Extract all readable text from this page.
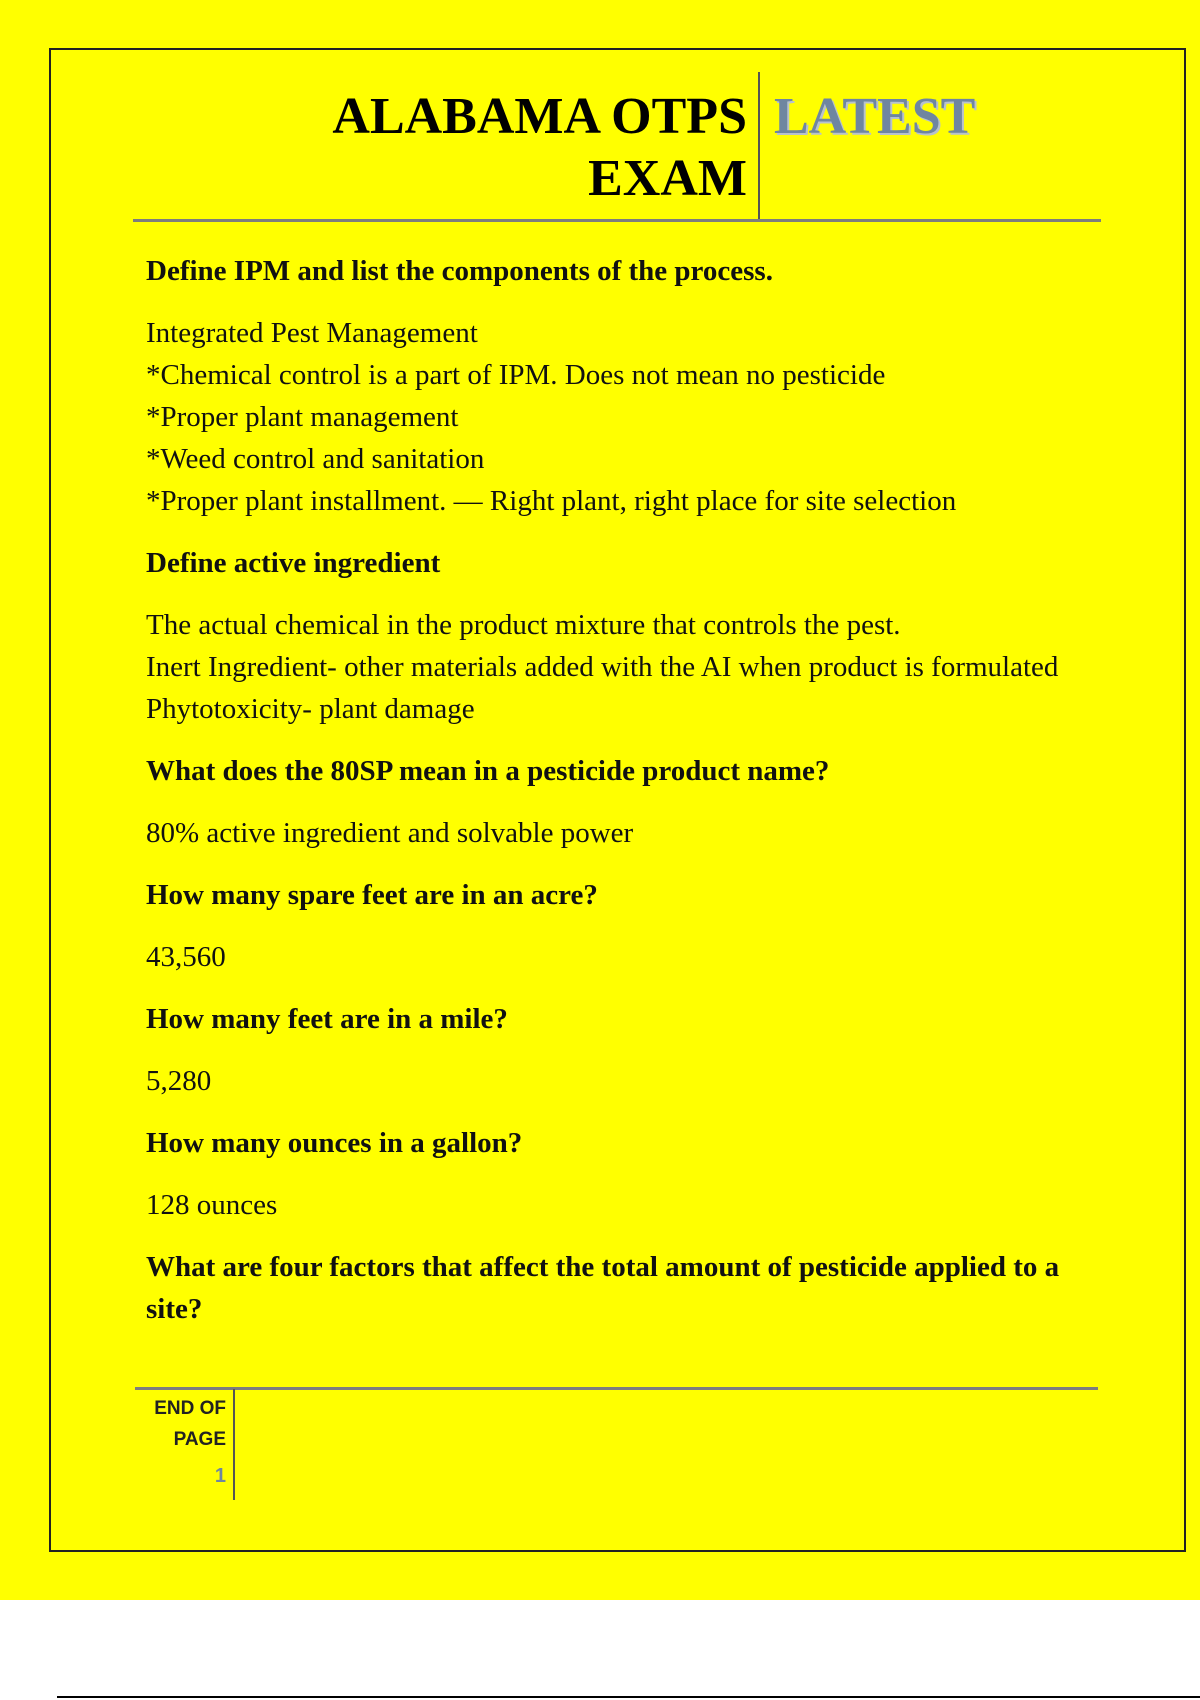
ALABAMA OTPS
EXAM
LATEST
Define IPM and list the components of the process.
Integrated Pest Management
*Chemical control is a part of IPM. Does not mean no pesticide
*Proper plant management
*Weed control and sanitation
*Proper plant installment. — Right plant, right place for site selection
Define active ingredient
The actual chemical in the product mixture that controls the pest.
Inert Ingredient- other materials added with the AI when product is formulated
Phytotoxicity- plant damage
What does the 80SP mean in a pesticide product name?
80% active ingredient and solvable power
How many spare feet are in an acre?
43,560
How many feet are in a mile?
5,280
How many ounces in a gallon?
128 ounces
What are four factors that affect the total amount of pesticide applied to a site?
END OF
PAGE
1
